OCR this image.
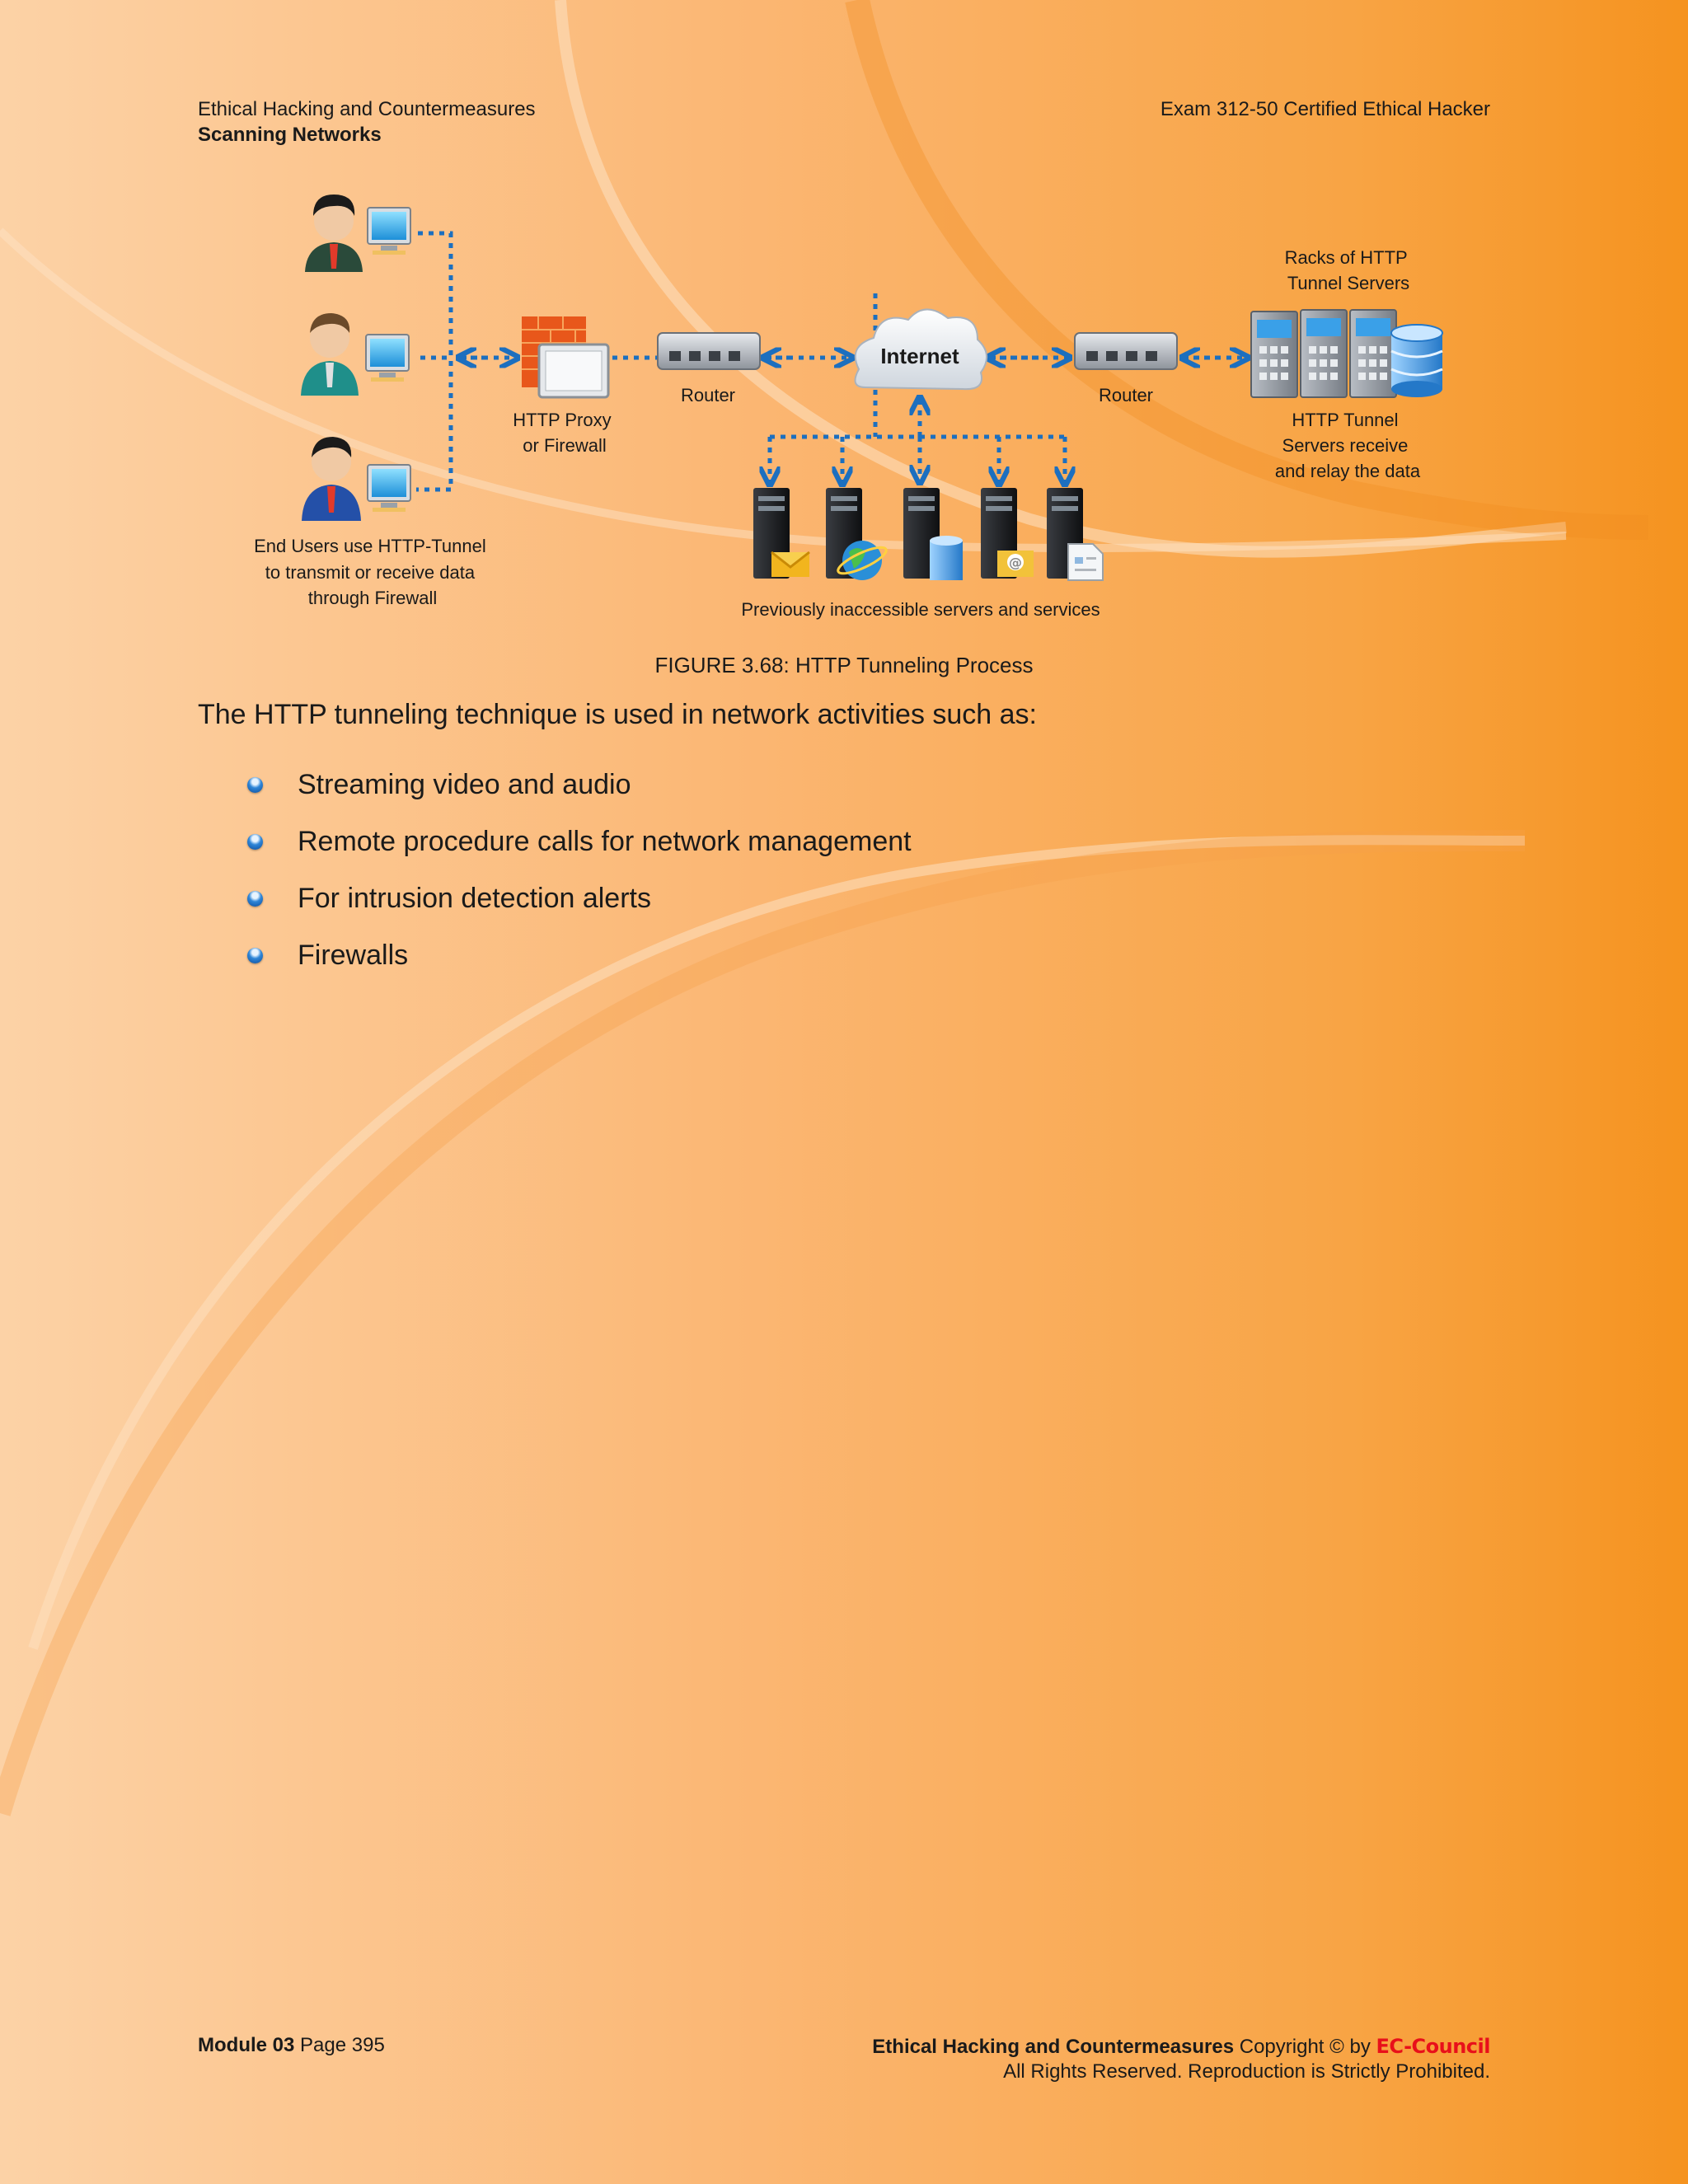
Ethical Hacking and Countermeasures
Scanning Networks
Exam 312-50 Certified Ethical Hacker
Internet
@
End Users use HTTP-Tunnel to transmit or receive data through Firewall
HTTP Proxy or Firewall
Router	Router
Racks of HTTP Tunnel Servers
HTTP Tunnel Servers receive and relay the data
Previously inaccessible servers and services
FIGURE 3.68: HTTP Tunneling Process
The HTTP tunneling technique is used in network activities such as:
Streaming video and audio
Remote procedure calls for network management
For intrusion detection alerts
Firewalls
Module 03 Page 395	Ethical Hacking and Countermeasures Copyright © by EC-Council
All Rights Reserved. Reproduction is Strictly Prohibited.
